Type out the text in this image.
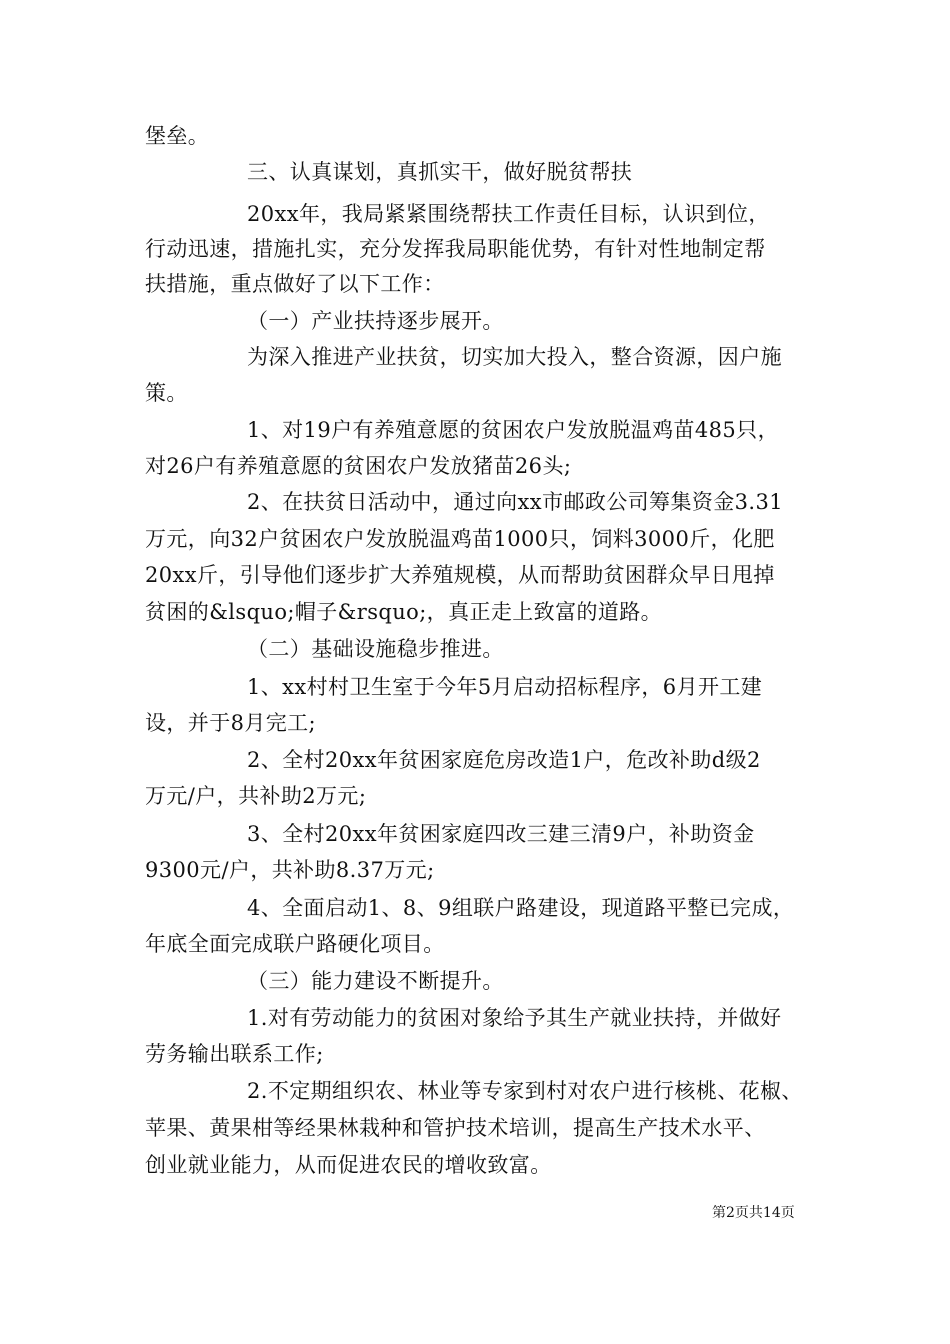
堡垒。
三、认真谋划，真抓实干，做好脱贫帮扶
20xx年，我局紧紧围绕帮扶工作责任目标，认识到位，
行动迅速，措施扎实，充分发挥我局职能优势，有针对性地制定帮
扶措施，重点做好了以下工作：
（一）产业扶持逐步展开。
为深入推进产业扶贫，切实加大投入，整合资源，因户施
策。
1、对19户有养殖意愿的贫困农户发放脱温鸡苗485只，
对26户有养殖意愿的贫困农户发放猪苗26头;
2、在扶贫日活动中，通过向xx市邮政公司筹集资金3.31
万元，向32户贫困农户发放脱温鸡苗1000只，饲料3000斤，化肥
20xx斤，引导他们逐步扩大养殖规模，从而帮助贫困群众早日甩掉
贫困的&lsquo;帽子&rsquo;，真正走上致富的道路。
（二）基础设施稳步推进。
1、xx村村卫生室于今年5月启动招标程序，6月开工建
设，并于8月完工;
2、全村20xx年贫困家庭危房改造1户，危改补助d级2
万元/户，共补助2万元;
3、全村20xx年贫困家庭四改三建三清9户，补助资金
9300元/户，共补助8.37万元;
4、全面启动1、8、9组联户路建设，现道路平整已完成，
年底全面完成联户路硬化项目。
（三）能力建设不断提升。
1.对有劳动能力的贫困对象给予其生产就业扶持，并做好
劳务输出联系工作;
2.不定期组织农、林业等专家到村对农户进行核桃、花椒、
苹果、黄果柑等经果林栽种和管护技术培训，提高生产技术水平、
创业就业能力，从而促进农民的增收致富。
第2页共14页
